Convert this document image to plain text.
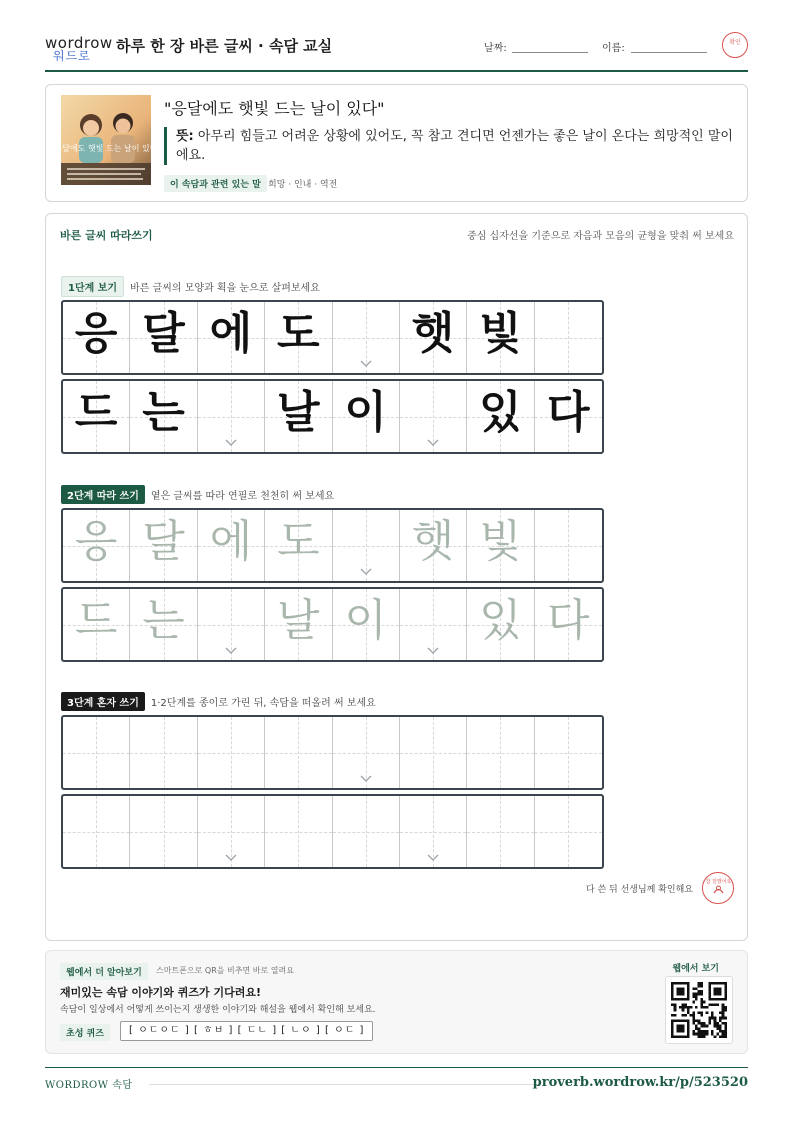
wordrow
워드로
하루 한 장 바른 글씨 · 속담 교실	날짜:	이름:
확인
응달에도 햇빛 드는 날이 있다
"응달에도 햇빛 드는 날이 있다"
뜻: 아무리 힘들고 어려운 상황에 있어도, 꼭 참고 견디면 언젠가는 좋은 날이 온다는 희망적인 말이에요.
이 속담과 관련 있는 말 희망 · 인내 · 역전
바른 글씨 따라쓰기	중심 십자선을 기준으로 자음과 모음의 균형을 맞춰 써 보세요
1단계 보기 바른 글씨의 모양과 획을 눈으로 살펴보세요
응 달 에 도 햇 빛
드 는 날 이 있 다
2단계 따라 쓰기 옅은 글씨를 따라 연필로 천천히 써 보세요
응 달 에 도 햇 빛
드 는 날 이 있 다
3단계 혼자 쓰기 1·2단계를 종이로 가린 뒤, 속담을 떠올려 써 보세요
다 쓴 뒤 선생님께 확인해요
참 잘했어요
웹에서 더 알아보기	스마트폰으로 QR을 비추면 바로 열려요
재미있는 속담 이야기와 퀴즈가 기다려요!
속담이 일상에서 어떻게 쓰이는지 생생한 이야기와 해설을 웹에서 확인해 보세요.
초성 퀴즈	[ ㅇㄷㅇㄷ ] [ ㅎㅂ ] [ ㄷㄴ ] [ ㄴㅇ ] [ ㅇㄷ ]
웹에서 보기
WORDROW 속담	proverb.wordrow.kr/p/523520
